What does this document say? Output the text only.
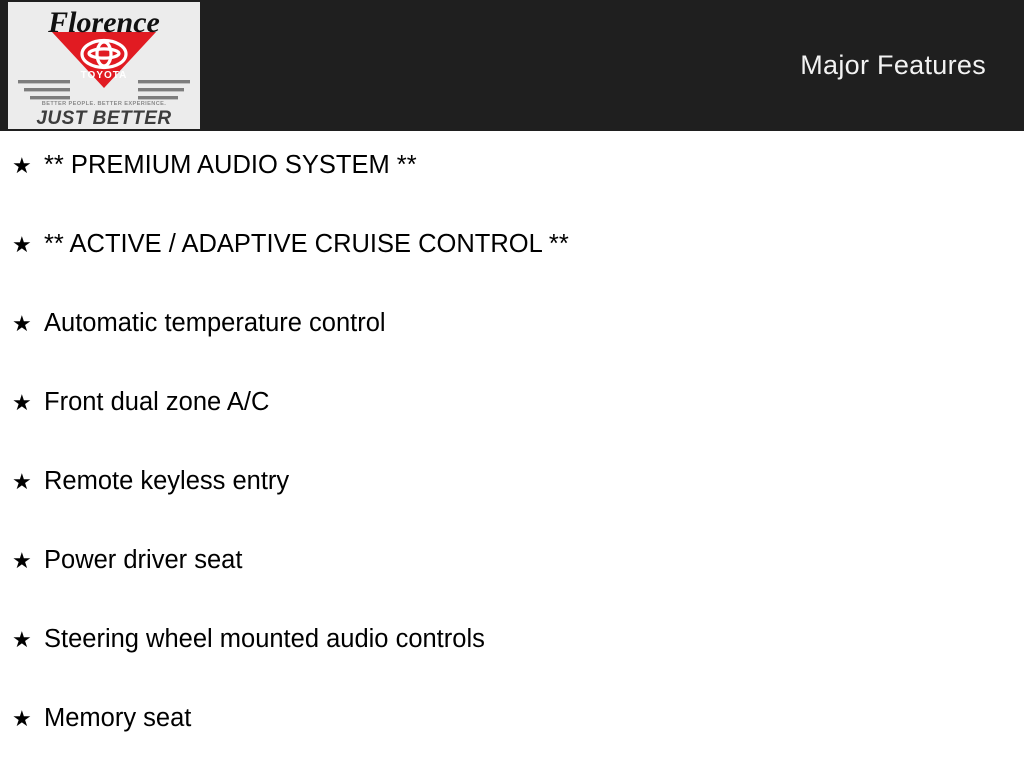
TOYOTA
Florence
BETTER PEOPLE. BETTER EXPERIENCE.
JUST BETTER
Major Features
★ ** PREMIUM AUDIO SYSTEM **
★ ** ACTIVE / ADAPTIVE CRUISE CONTROL **
★ Automatic temperature control
★ Front dual zone A/C
★ Remote keyless entry
★ Power driver seat
★ Steering wheel mounted audio controls
★ Memory seat
